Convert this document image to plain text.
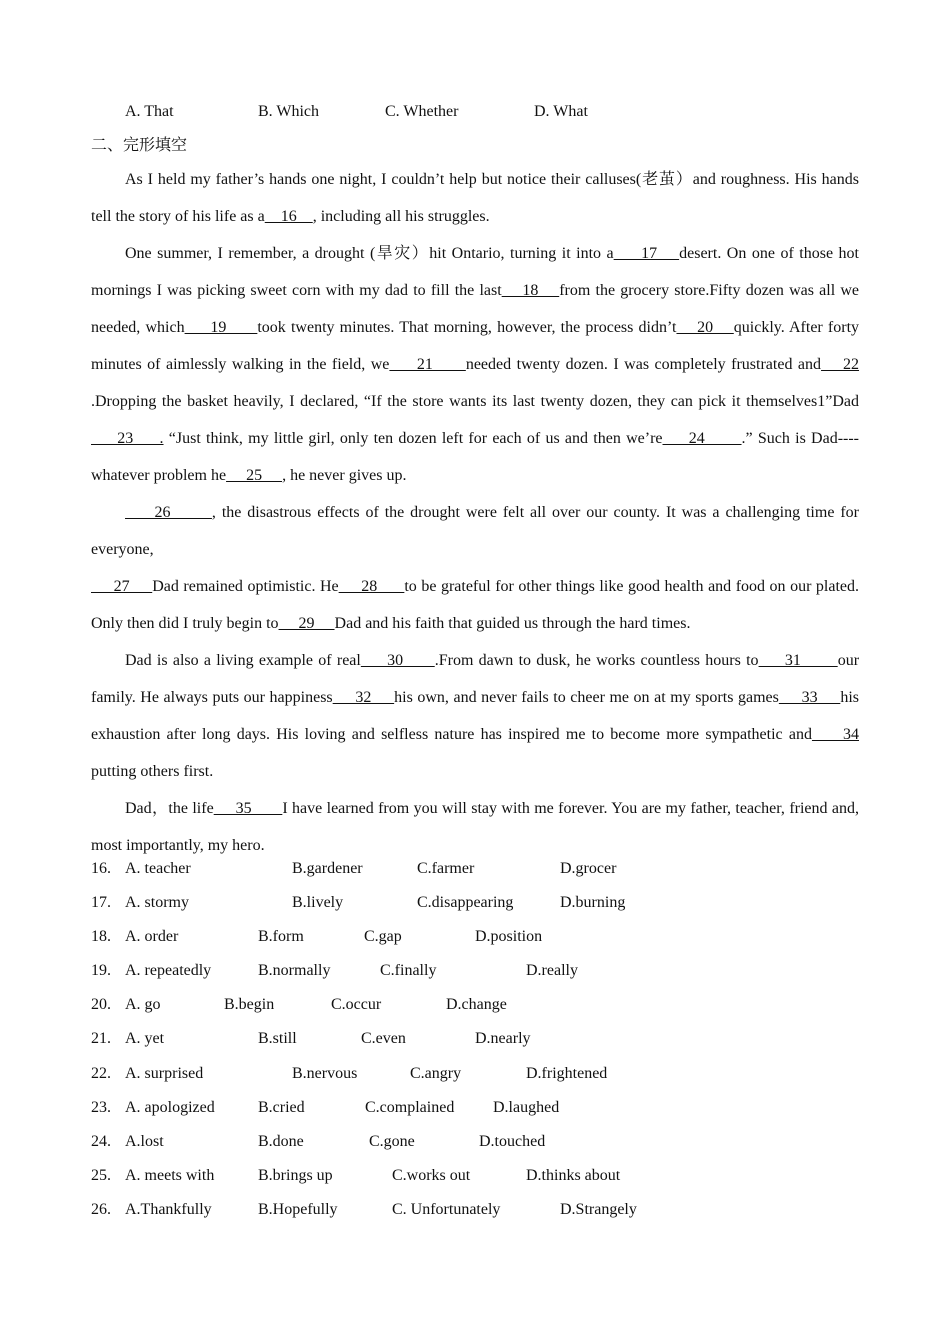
A. That	B. Which	C. Whether	D. What
二、完形填空

As I held my father’s hands one night, I couldn’t help but notice their calluses(老茧）and roughness. His hands tell the story of his life as a    16    , including all his struggles.

One summer, I remember, a drought (旱灾）hit Ontario, turning it into a     17    desert. On one of those hot mornings I was picking sweet corn with my dad to fill the last    18    from the grocery store.Fifty dozen was all we needed, which     19      took twenty minutes. That morning, however, the process didn’t    20    quickly. After forty minutes of aimlessly walking in the field, we     21      needed twenty dozen. I was completely frustrated and    22 .Dropping the basket heavily, I declared, “If the store wants its last twenty dozen, they can pick it themselves1”Dad     23     . “Just think, my little girl, only ten dozen left for each of us and then we’re     24       .” Such is Dad----whatever problem he     25     , he never gives up.

26       , the disastrous effects of the drought were felt all over our county. It was a challenging time for everyone,

27     Dad remained optimistic. He     28      to be grateful for other things like good health and food on our plated. Only then did I truly begin to     29     Dad and his faith that guided us through the hard times.

Dad is also a living example of real     30      .From dawn to dusk, he works countless hours to     31       our family. He always puts our happiness     32     his own, and never fails to cheer me on at my sports games     33     his exhaustion after long days. His loving and selfless nature has inspired me to become more sympathetic and     34 putting others first.

Dad，the life     35       I have learned from you will stay with me forever. You are my father, teacher, friend and, most importantly, my hero.

16. A. teacher	B.gardener	C.farmer	D.grocer
17. A. stormy	B.lively	C.disappearing	D.burning
18. A. order	B.form	C.gap	D.position
19. A. repeatedly	B.normally	C.finally	D.really
20. A. go	B.begin	C.occur	D.change
21. A. yet	B.still	C.even	D.nearly
22. A. surprised	B.nervous	C.angry	D.frightened
23. A. apologized	B.cried	C.complained D.laughed
24. A.lost	B.done	C.gone	D.touched
25. A. meets with	B.brings up	C.works out	D.thinks about
26. A.Thankfully	B.Hopefully	C. Unfortunately	D.Strangely
